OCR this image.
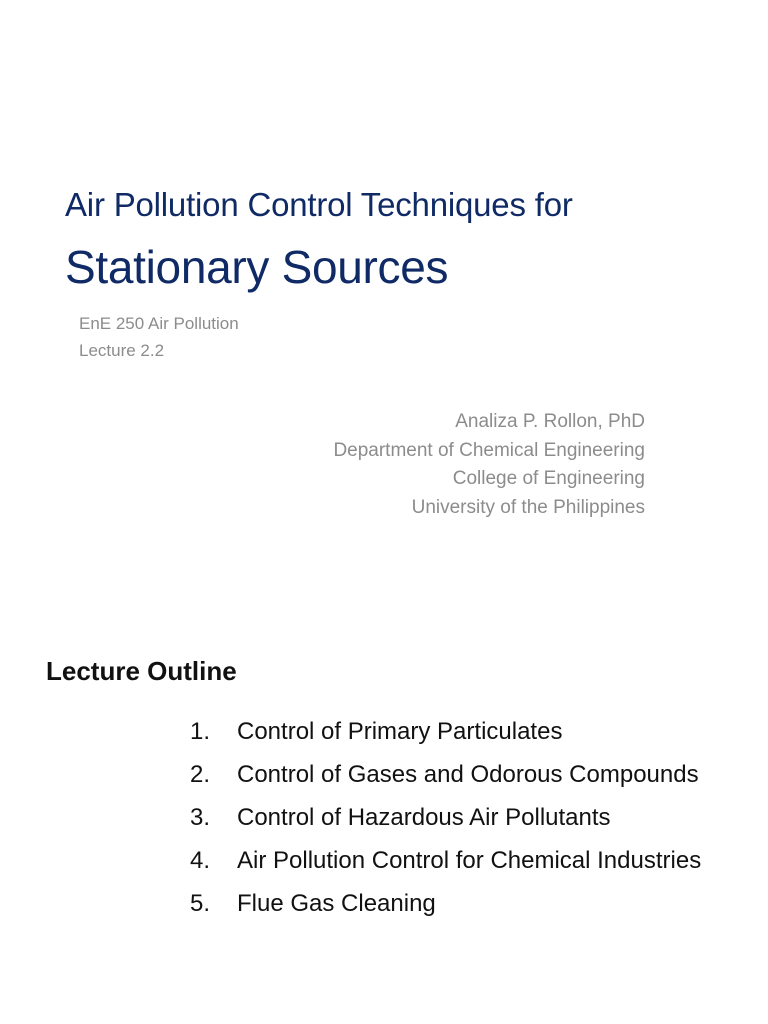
Air Pollution Control Techniques for
Stationary Sources
EnE 250 Air Pollution
Lecture 2.2
Analiza P. Rollon, PhD
Department of Chemical Engineering
College of Engineering
University of the Philippines
Lecture Outline
1.	Control of Primary Particulates
2.	Control of Gases and Odorous Compounds
3.	Control of Hazardous Air Pollutants
4.	Air Pollution Control for Chemical Industries
5.	Flue Gas Cleaning
